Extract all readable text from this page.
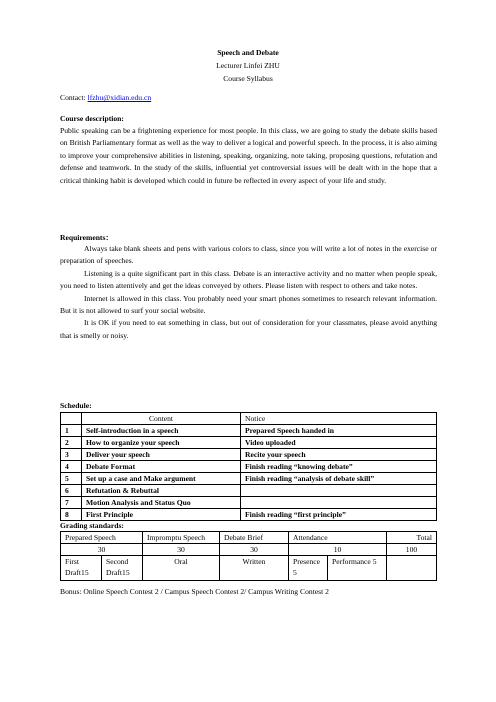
Speech and Debate
Lecturer Linfei ZHU
Course Syllabus
Contact: lfzhu@xidian.edu.cn
Course description:
Public speaking can be a frightening experience for most people. In this class, we are going to study the debate skills based on British Parliamentary format as well as the way to deliver a logical and powerful speech. In the process, it is also aiming to improve your comprehensive abilities in listening, speaking, organizing, note taking, proposing questions, refutation and defense and teamwork. In the study of the skills, influential yet controversial issues will be dealt with in the hope that a critical thinking habit is developed which could in future be reflected in every aspect of your life and study.
Requirements：
Always take blank sheets and pens with various colors to class, since you will write a lot of notes in the exercise or preparation of speeches.
Listening is a quite significant part in this class. Debate is an interactive activity and no matter when people speak, you need to listen attentively and get the ideas conveyed by others. Please listen with respect to others and take notes.
Internet is allowed in this class. You probably need your smart phones sometimes to research relevant information. But it is not allowed to surf your social website.
It is OK if you need to eat something in class, but out of consideration for your classmates, please avoid anything that is smelly or noisy.
Schedule:
	Content	Notice
1	Self-introduction in a speech	Prepared Speech handed in
2	How to organize your speech	Video uploaded
3	Deliver your speech	Recite your speech
4	Debate Format	Finish reading “knowing debate”
5	Set up a case and Make argument	Finish reading “analysis of debate skill”
6	Refutation & Rebuttal	
7	Motion Analysis and Status Quo	
8	First Principle	Finish reading “first principle”
Grading standards:
Prepared Speech		Impromptu Speech	Debate Brief	Attendance		Total
30		30	30	10		100
First Draft15	Second Draft15	Oral	Written	Presence 5	Performance 5	
Bonus: Online Speech Contest 2 / Campus Speech Contest 2/ Campus Writing Contest 2
